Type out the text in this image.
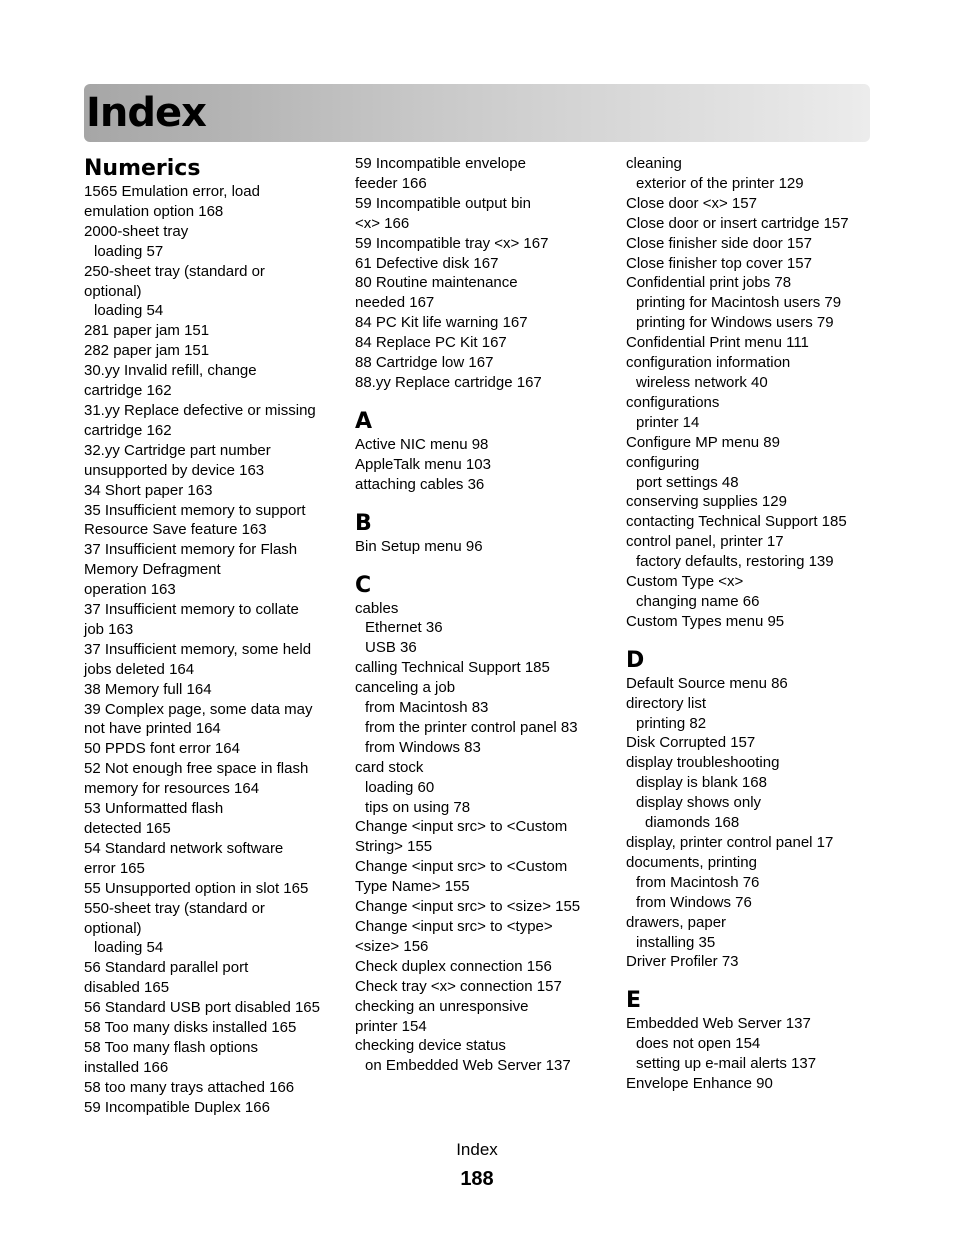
Index
Numerics
1565 Emulation error, load
emulation option 168
2000-sheet tray
loading 57
250-sheet tray (standard or
optional)
loading 54
281 paper jam 151
282 paper jam 151
30.yy Invalid refill, change
cartridge 162
31.yy Replace defective or missing
cartridge 162
32.yy Cartridge part number
unsupported by device 163
34 Short paper 163
35 Insufficient memory to support
Resource Save feature 163
37 Insufficient memory for Flash
Memory Defragment
operation 163
37 Insufficient memory to collate
job 163
37 Insufficient memory, some held
jobs deleted 164
38 Memory full 164
39 Complex page, some data may
not have printed 164
50 PPDS font error 164
52 Not enough free space in flash
memory for resources 164
53 Unformatted flash
detected 165
54 Standard network software
error 165
55 Unsupported option in slot 165
550-sheet tray (standard or
optional)
loading 54
56 Standard parallel port
disabled 165
56 Standard USB port disabled 165
58 Too many disks installed 165
58 Too many flash options
installed 166
58 too many trays attached 166
59 Incompatible Duplex 166
59 Incompatible envelope
feeder 166
59 Incompatible output bin
<x> 166
59 Incompatible tray <x> 167
61 Defective disk 167
80 Routine maintenance
needed 167
84 PC Kit life warning 167
84 Replace PC Kit 167
88 Cartridge low 167
88.yy Replace cartridge 167
A
Active NIC menu 98
AppleTalk menu 103
attaching cables 36
B
Bin Setup menu 96
C
cables
Ethernet 36
USB 36
calling Technical Support 185
canceling a job
from Macintosh 83
from the printer control panel 83
from Windows 83
card stock
loading 60
tips on using 78
Change <input src> to <Custom
String> 155
Change <input src> to <Custom
Type Name> 155
Change <input src> to <size> 155
Change <input src> to <type>
<size> 156
Check duplex connection 156
Check tray <x> connection 157
checking an unresponsive
printer 154
checking device status
on Embedded Web Server 137
cleaning
exterior of the printer 129
Close door <x> 157
Close door or insert cartridge 157
Close finisher side door 157
Close finisher top cover 157
Confidential print jobs 78
printing for Macintosh users 79
printing for Windows users 79
Confidential Print menu 111
configuration information
wireless network 40
configurations
printer 14
Configure MP menu 89
configuring
port settings 48
conserving supplies 129
contacting Technical Support 185
control panel, printer 17
factory defaults, restoring 139
Custom Type <x>
changing name 66
Custom Types menu 95
D
Default Source menu 86
directory list
printing 82
Disk Corrupted 157
display troubleshooting
display is blank 168
display shows only
diamonds 168
display, printer control panel 17
documents, printing
from Macintosh 76
from Windows 76
drawers, paper
installing 35
Driver Profiler 73
E
Embedded Web Server 137
does not open 154
setting up e-mail alerts 137
Envelope Enhance 90
Index
188
